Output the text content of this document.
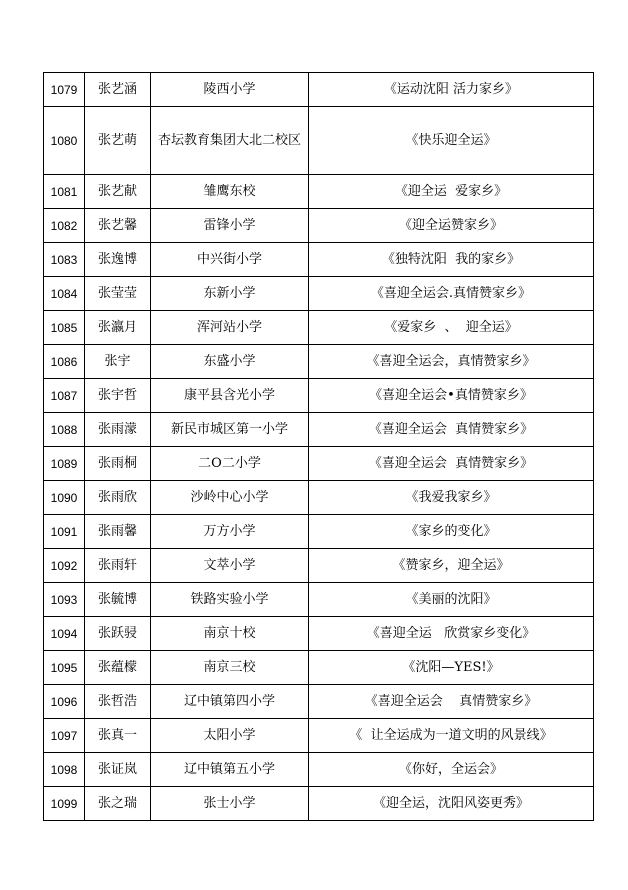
1079	张艺涵	陵西小学	《运动沈阳 活力家乡》
1080	张艺萌	杏坛教育集团大北二校区	《快乐迎全运》
1081	张艺献	雏鹰东校	《迎全运  爱家乡》
1082	张艺馨	雷锋小学	《迎全运赞家乡》
1083	张逸博	中兴街小学	《独特沈阳  我的家乡》
1084	张莹莹	东新小学	《喜迎全运会.真情赞家乡》
1085	张瀛月	浑河站小学	《爱家乡  、  迎全运》
1086	张宇	东盛小学	《喜迎全运会，真情赞家乡》
1087	张宇哲	康平县含光小学	《喜迎全运会•真情赞家乡》
1088	张雨濛	新民市城区第一小学	《喜迎全运会  真情赞家乡》
1089	张雨桐	二O二小学	《喜迎全运会  真情赞家乡》
1090	张雨欣	沙岭中心小学	《我爱我家乡》
1091	张雨馨	万方小学	《家乡的变化》
1092	张雨轩	文萃小学	《赞家乡，迎全运》
1093	张毓博	铁路实验小学	《美丽的沈阳》
1094	张跃骎	南京十校	《喜迎全运   欣赏家乡变化》
1095	张蕴檬	南京三校	《沈阳—YES!》
1096	张哲浩	辽中镇第四小学	《喜迎全运会    真情赞家乡》
1097	张真一	太阳小学	《  让全运成为一道文明的风景线》
1098	张证岚	辽中镇第五小学	《你好，全运会》
1099	张之瑞	张士小学	《迎全运，沈阳风姿更秀》
